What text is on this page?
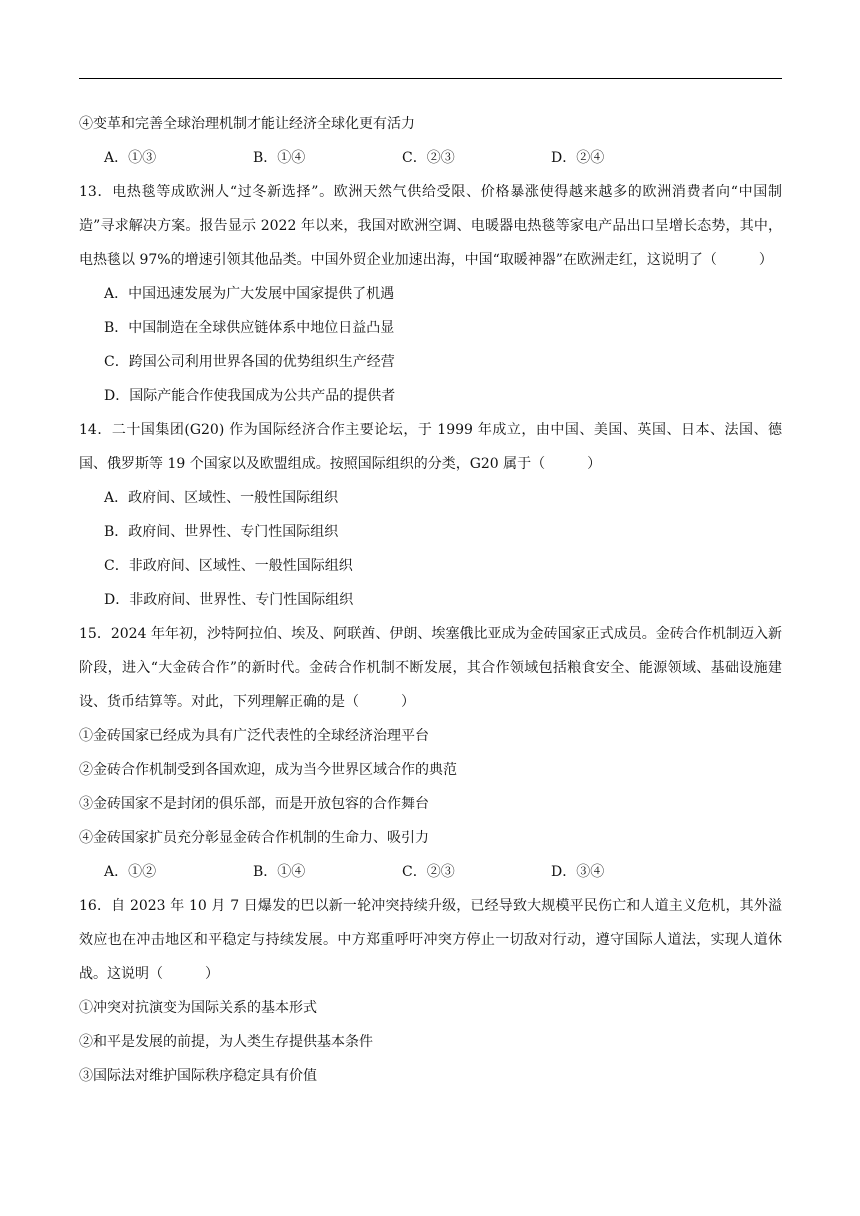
④变革和完善全球治理机制才能让经济全球化更有活力
A．①③	B．①④	C．②③	D．②④

13．电热毯等成欧洲人“过冬新选择”。欧洲天然气供给受限、价格暴涨使得越来越多的欧洲消费者向“中国制造”寻求解决方案。报告显示 2022 年以来，我国对欧洲空调、电暖器电热毯等家电产品出口呈增长态势，其中，电热毯以 97%的增速引领其他品类。中国外贸企业加速出海，中国“取暖神器”在欧洲走红，这说明了（　　　）

A．中国迅速发展为广大发展中国家提供了机遇
B．中国制造在全球供应链体系中地位日益凸显
C．跨国公司利用世界各国的优势组织生产经营
D．国际产能合作使我国成为公共产品的提供者

14．二十国集团(G20) 作为国际经济合作主要论坛，于 1999 年成立，由中国、美国、英国、日本、法国、德国、俄罗斯等 19 个国家以及欧盟组成。按照国际组织的分类，G20 属于（　　　）

A．政府间、区域性、一般性国际组织
B．政府间、世界性、专门性国际组织
C．非政府间、区域性、一般性国际组织
D．非政府间、世界性、专门性国际组织

15．2024 年年初，沙特阿拉伯、埃及、阿联酋、伊朗、埃塞俄比亚成为金砖国家正式成员。金砖合作机制迈入新阶段，进入“大金砖合作”的新时代。金砖合作机制不断发展，其合作领域包括粮食安全、能源领域、基础设施建设、货币结算等。对此，下列理解正确的是（　　　）

①金砖国家已经成为具有广泛代表性的全球经济治理平台
②金砖合作机制受到各国欢迎，成为当今世界区域合作的典范
③金砖国家不是封闭的俱乐部，而是开放包容的合作舞台
④金砖国家扩员充分彰显金砖合作机制的生命力、吸引力
A．①②	B．①④	C．②③	D．③④

16．自 2023 年 10 月 7 日爆发的巴以新一轮冲突持续升级，已经导致大规模平民伤亡和人道主义危机，其外溢效应也在冲击地区和平稳定与持续发展。中方郑重呼吁冲突方停止一切敌对行动，遵守国际人道法，实现人道休战。这说明（　　　）

①冲突对抗演变为国际关系的基本形式
②和平是发展的前提，为人类生存提供基本条件
③国际法对维护国际秩序稳定具有价值
